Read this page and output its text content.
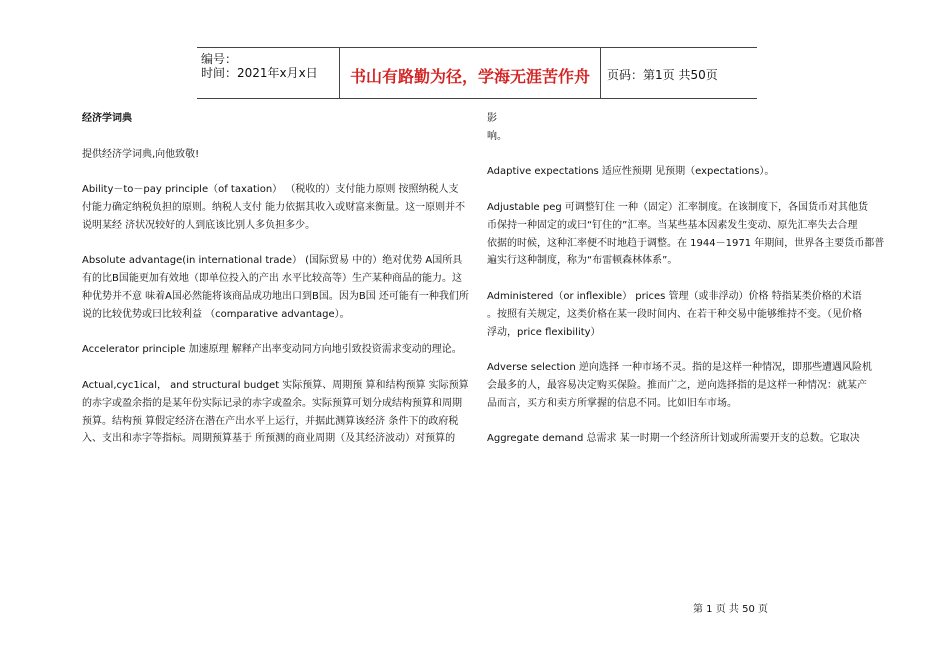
编号：
时间：2021年x月x日	书山有路勤为径，学海无涯苦作舟	页码：第1页 共50页
经济学词典
提供经济学词典,向他致敬!
Ability－to－pay principle（of taxation） （税收的）支付能力原则 按照纳税人支
付能力确定纳税负担的原则。纳税人支付 能力依据其收入或财富来衡量。这一原则并不
说明某经 济状况较好的人到底该比别人多负担多少。
Absolute advantage(in international trade） (国际贸易 中的）绝对优势 A国所具
有的比B国能更加有效地（即单位投入的产出 水平比较高等）生产某种商品的能力。这
种优势并不意 味着A国必然能将该商品成功地出口到B国。因为B国 还可能有一种我们所
说的比较优势或曰比较利益 （comparative advantage）。
Accelerator principle 加速原理 解释产出率变动同方向地引致投资需求变动的理论。
Actual,cyc1ical， and structural budget 实际预算、周期预 算和结构预算 实际预算
的赤字或盈余指的是某年份实际记录的赤字或盈余。实际预算可划分成结构预算和周期
预算。结构预 算假定经济在潜在产出水平上运行，并据此测算该经济 条件下的政府税
入、支出和赤字等指标。周期预算基于 所预测的商业周期（及其经济波动）对预算的
影
响。
Adaptive expectations 适应性预期 见预期（expectations）。
Adjustable peg 可调整钉住 一种（固定）汇率制度。在该制度下，各国货币对其他货
币保持一种固定的或曰“钉住的”汇率。当某些基本因素发生变动、原先汇率失去合理
依据的时候，这种汇率便不时地趋于调整。在 1944－1971 年期间，世界各主要货币都普
遍实行这种制度，称为“布雷顿森林体系”。
Administered（or inflexible） prices 管理（或非浮动）价格 特指某类价格的术语
。按照有关规定，这类价格在某一段时间内、在若干种交易中能够维持不变。（见价格
浮动，price flexibility）
Adverse selection 逆向选择 一种市场不灵。指的是这样一种情况，即那些遭遇风险机
会最多的人，最容易决定购买保险。推而广之，逆向选择指的是这样一种情况：就某产
品而言，买方和卖方所掌握的信息不同。比如旧车市场。
Aggregate demand 总需求 某一时期一个经济所计划或所需要开支的总数。它取决
第 1 页 共 50 页
